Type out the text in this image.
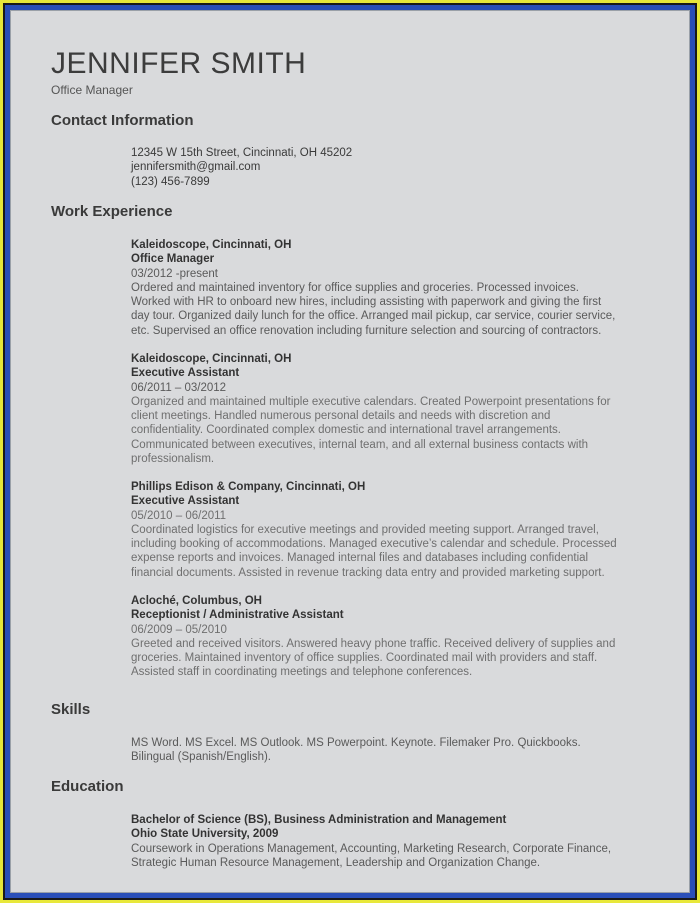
JENNIFER SMITH
Office Manager
Contact Information
12345 W 15th Street, Cincinnati, OH 45202
jennifersmith@gmail.com
(123) 456-7899
Work Experience
Kaleidoscope, Cincinnati, OH
Office Manager
03/2012 -present
Ordered and maintained inventory for office supplies and groceries. Processed invoices.
Worked with HR to onboard new hires, including assisting with paperwork and giving the first
day tour. Organized daily lunch for the office. Arranged mail pickup, car service, courier service,
etc. Supervised an office renovation including furniture selection and sourcing of contractors.
Kaleidoscope, Cincinnati, OH
Executive Assistant
06/2011 – 03/2012
Organized and maintained multiple executive calendars. Created Powerpoint presentations for
client meetings. Handled numerous personal details and needs with discretion and
confidentiality. Coordinated complex domestic and international travel arrangements.
Communicated between executives, internal team, and all external business contacts with
professionalism.
Phillips Edison & Company, Cincinnati, OH
Executive Assistant
05/2010 – 06/2011
Coordinated logistics for executive meetings and provided meeting support. Arranged travel,
including booking of accommodations. Managed executive’s calendar and schedule. Processed
expense reports and invoices. Managed internal files and databases including confidential
financial documents. Assisted in revenue tracking data entry and provided marketing support.
Acloché, Columbus, OH
Receptionist / Administrative Assistant
06/2009 – 05/2010
Greeted and received visitors. Answered heavy phone traffic. Received delivery of supplies and
groceries. Maintained inventory of office supplies. Coordinated mail with providers and staff.
Assisted staff in coordinating meetings and telephone conferences.
Skills
MS Word. MS Excel. MS Outlook. MS Powerpoint. Keynote. Filemaker Pro. Quickbooks.
Bilingual (Spanish/English).
Education
Bachelor of Science (BS), Business Administration and Management
Ohio State University, 2009
Coursework in Operations Management, Accounting, Marketing Research, Corporate Finance,
Strategic Human Resource Management, Leadership and Organization Change.
